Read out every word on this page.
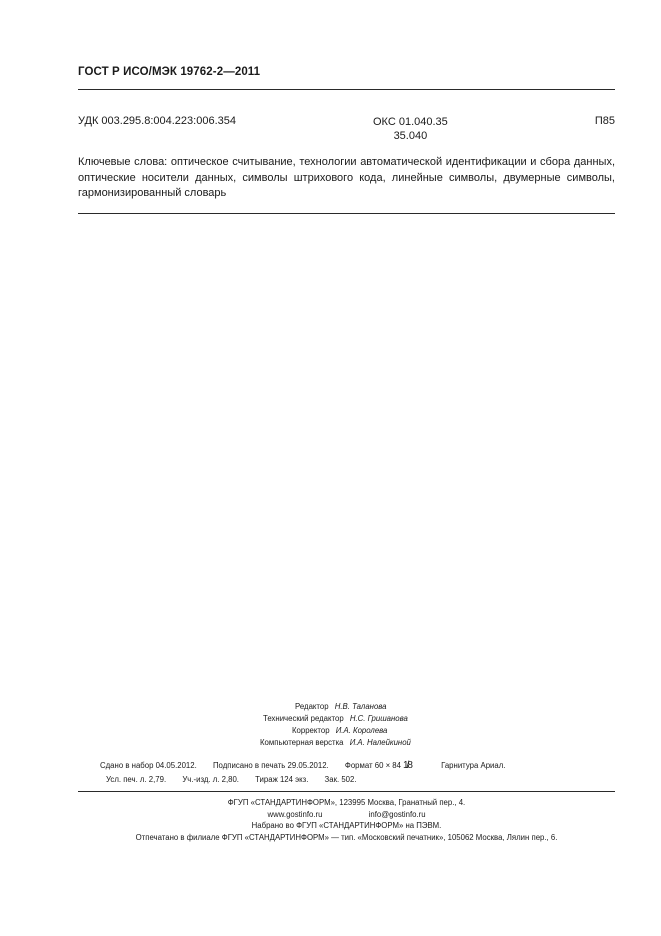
ГОСТ Р ИСО/МЭК 19762-2—2011
УДК 003.295.8:004.223:006.354	ОКС 01.040.35
35.040
П85
Ключевые слова: оптическое считывание, технологии автоматической идентификации и сбора данных, оптические носители данных, символы штрихового кода, линейные символы, двумерные символы, гармонизированный словарь
Редактор Н.В. Таланова
Технический редактор Н.С. Гришанова
Корректор И.А. Королева
Компьютерная верстка И.А. Налейкиной
Сдано в набор 04.05.2012. Подписано в печать 29.05.2012. Формат 60 × 84 1/8	Гарнитура Ариал.
Усл. печ. л. 2,79. Уч.-изд. л. 2,80. Тираж 124 экз. Зак. 502.
ФГУП «СТАНДАРТИНФОРМ», 123995 Москва, Гранатный пер., 4.
www.gostinfo.ru	info@gostinfo.ru
Набрано во ФГУП «СТАНДАРТИНФОРМ» на ПЭВМ.
Отпечатано в филиале ФГУП «СТАНДАРТИНФОРМ» — тип. «Московский печатник», 105062 Москва, Лялин пер., 6.
